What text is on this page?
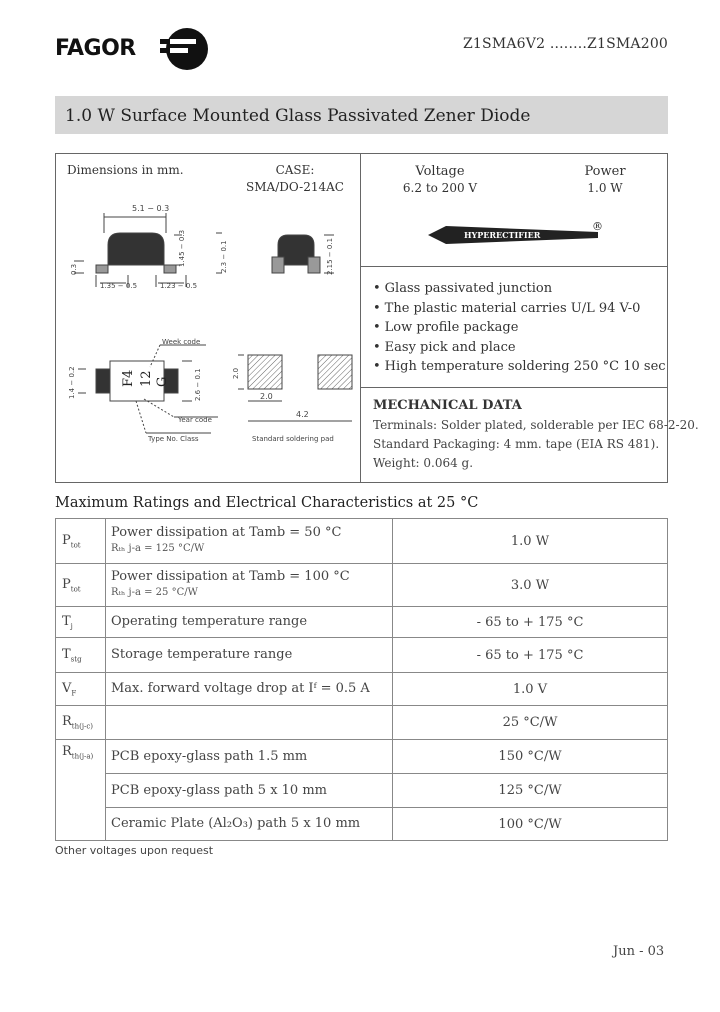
FAGOR	Z1SMA6V2 ........Z1SMA200
1.0 W Surface Mounted Glass Passivated Zener Diode
Dimensions in mm.	CASE:
SMA/DO-214AC
5.1 − 0.3
1.35 − 0.5	1.23 − 0.5
1.45 − 0.3	2.3 − 0.1
0.3	2.15 − 0.1
F4 12 G
1.4 − 0.2	2.6 − 0.1
Week code
Year code
Type No. Class
2.0
2.0
4.2
Standard soldering pad
Voltage
6.2 to 200 V
Power
1.0 W
HYPERECTIFIER
®
• Glass passivated junction
• The plastic material carries U/L 94 V-0
• Low profile package
• Easy pick and place
• High temperature soldering 250 °C 10 sec
MECHANICAL DATA
Terminals: Solder plated, solderable per IEC 68-2-20.
Standard Packaging: 4 mm. tape (EIA RS 481).
Weight: 0.064 g.
Maximum Ratings and Electrical Characteristics at 25 °C
$P_{tot}$	Power dissipation at Tamb = 50 °C
Rₜₕ j-a = 125 °C/W	1.0 W
$P_{tot}$	Power dissipation at Tamb = 100 °C
Rₜₕ j-a = 25 °C/W	3.0 W
$T_j$	Operating temperature range	- 65 to + 175 °C
$T_{stg}$	Storage temperature range	- 65 to + 175 °C
$V_F$	Max. forward voltage drop at Iᶠ = 0.5 A	1.0 V
$R_{th(j-c)}$		25 °C/W
$R_{th(j-a)}$	PCB epoxy-glass path 1.5 mm	150 °C/W
	PCB epoxy-glass path 5 x 10 mm	125 °C/W
	Ceramic Plate (Al₂O₃) path 5 x 10 mm	100 °C/W
Other voltages upon request
Jun - 03
